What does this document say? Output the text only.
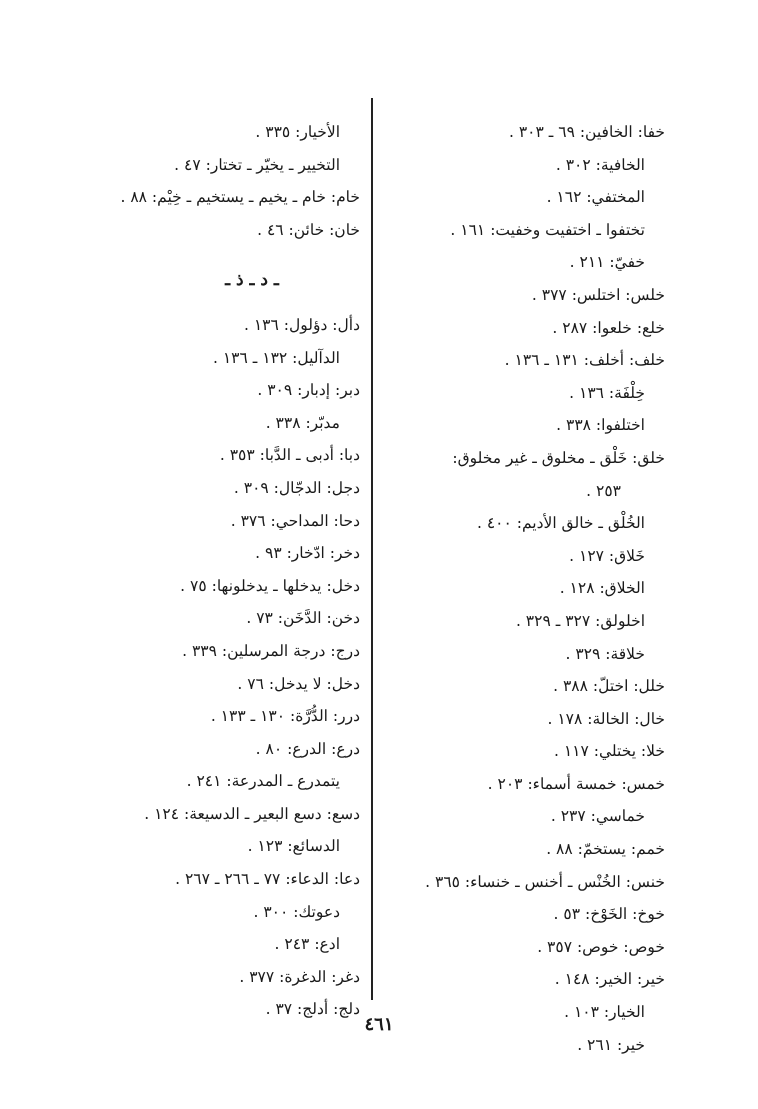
خفا: الخافين: ٦٩ ـ ٣٠٣ .
الخافية: ٣٠٢ .
المختفي: ١٦٢ .
تختفوا ـ اختفيت وخفيت: ١٦١ .
خفيّ: ٢١١ .
خلس: اختلس: ٣٧٧ .
خلع: خلعوا: ٢٨٧ .
خلف: أخلف: ١٣١ ـ ١٣٦ .
خِلْفَة: ١٣٦ .
اختلفوا: ٣٣٨ .
خلق: خَلْق ـ مخلوق ـ غير مخلوق:
٢٥٣ .
الخُلْق ـ خالق الأديم: ٤٠٠ .
خَلاق: ١٢٧ .
الخلاق: ١٢٨ .
اخلولق: ٣٢٧ ـ ٣٢٩ .
خلاقة: ٣٢٩ .
خلل: اختلّ: ٣٨٨ .
خال: الخالة: ١٧٨ .
خلا: يختلي: ١١٧ .
خمس: خمسة أسماء: ٢٠٣ .
خماسي: ٢٣٧ .
خمم: يستخمّ: ٨٨ .
خنس: الخُنْس ـ أخنس ـ خنساء: ٣٦٥ .
خوخ: الخَوْخ: ٥٣ .
خوص: خوص: ٣٥٧ .
خير: الخير: ١٤٨ .
الخيار: ١٠٣ .
خير: ٢٦١ .
الأخيار: ٣٣٥ .
التخيير ـ يخيّر ـ تختار: ٤٧ .
خام: خام ـ يخيم ـ يستخيم ـ خِيْم: ٨٨ .
خان: خائن: ٤٦ .
ـ د ـ ذ ـ
دأل: دؤلول: ١٣٦ .
الدآليل: ١٣٢ ـ ١٣٦ .
دبر: إدبار: ٣٠٩ .
مدبّر: ٣٣٨ .
دبا: أدبى ـ الدَّبا: ٣٥٣ .
دجل: الدجّال: ٣٠٩ .
دحا: المداحي: ٣٧٦ .
دخر: ادّخار: ٩٣ .
دخل: يدخلها ـ يدخلونها: ٧٥ .
دخن: الدَّخَن: ٧٣ .
درج: درجة المرسلين: ٣٣٩ .
دخل: لا يدخل: ٧٦ .
درر: الدُّرَّة: ١٣٠ ـ ١٣٣ .
درع: الدرع: ٨٠ .
يتمدرع ـ المدرعة: ٢٤١ .
دسع: دسع البعير ـ الدسيعة: ١٢٤ .
الدسائع: ١٢٣ .
دعا: الدعاء: ٧٧ ـ ٢٦٦ ـ ٢٦٧ .
دعوتك: ٣٠٠ .
ادع: ٢٤٣ .
دغر: الدغرة: ٣٧٧ .
دلج: أدلج: ٣٧ .
٤٦١
